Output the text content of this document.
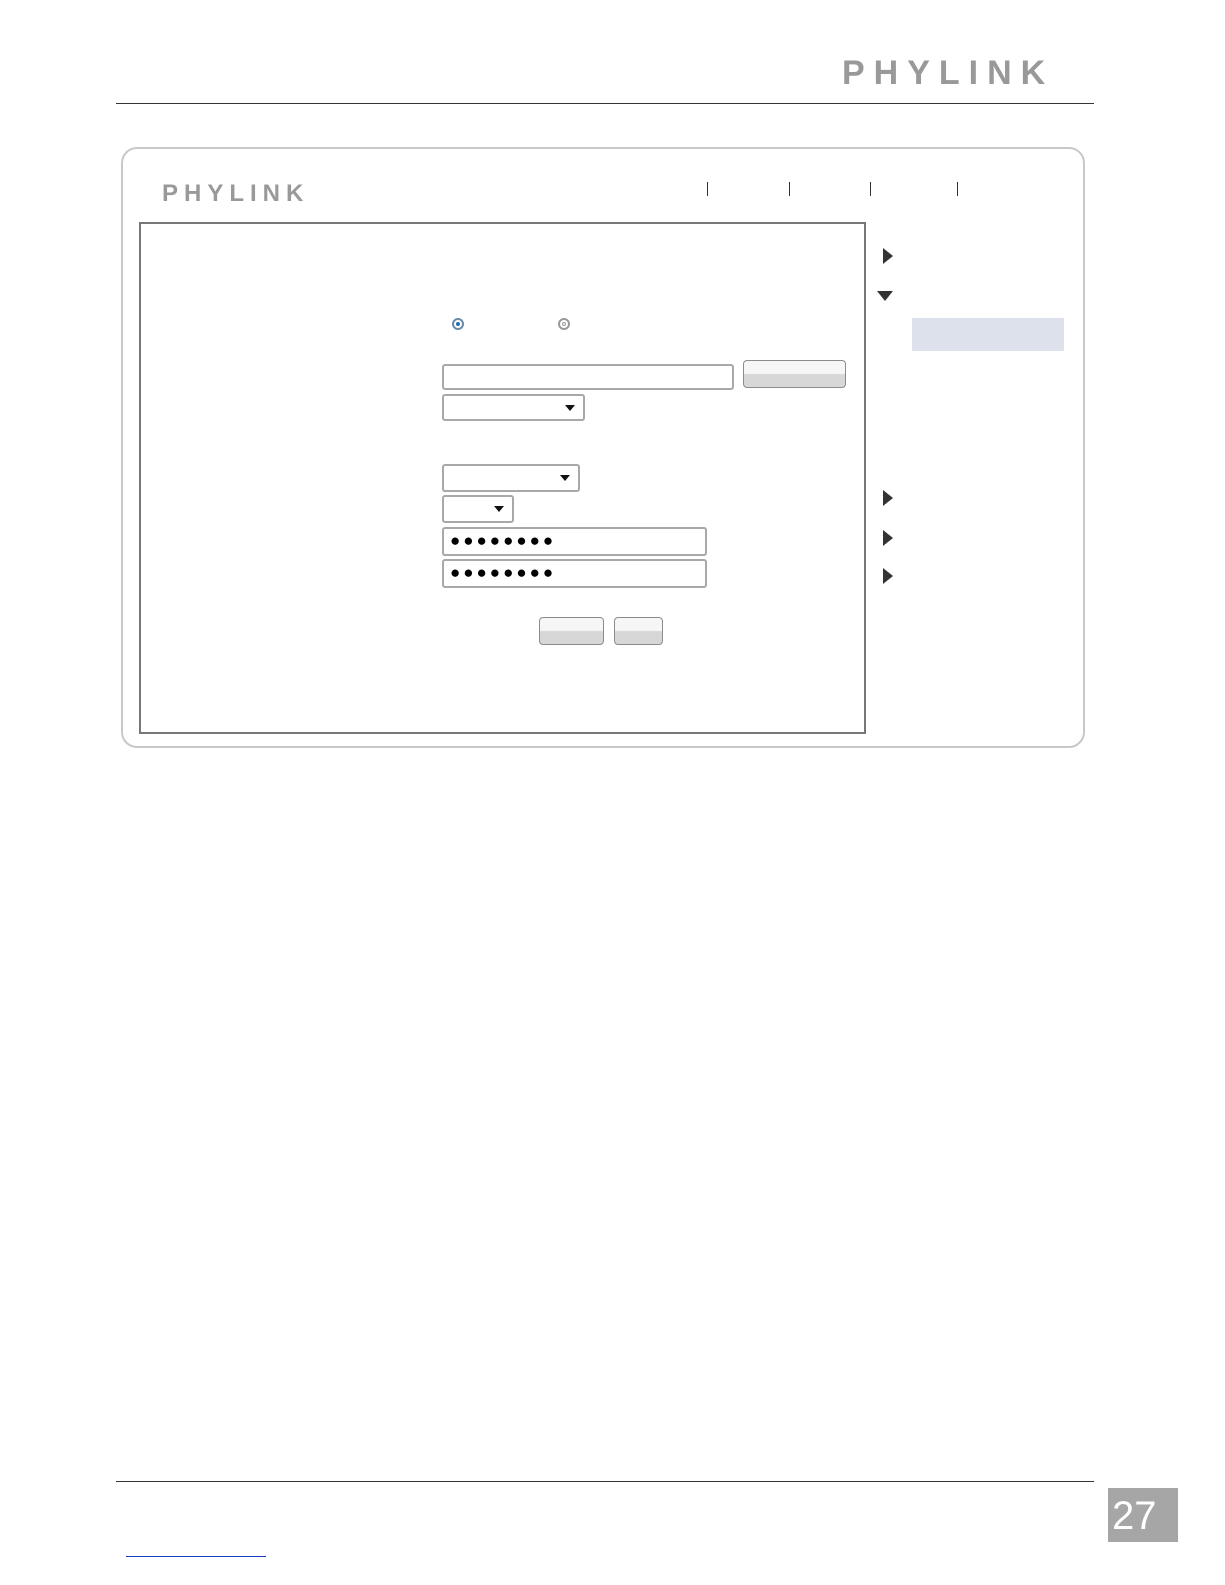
PHYLINK
PHYLINK
●●●●●●●●
●●●●●●●●
27
